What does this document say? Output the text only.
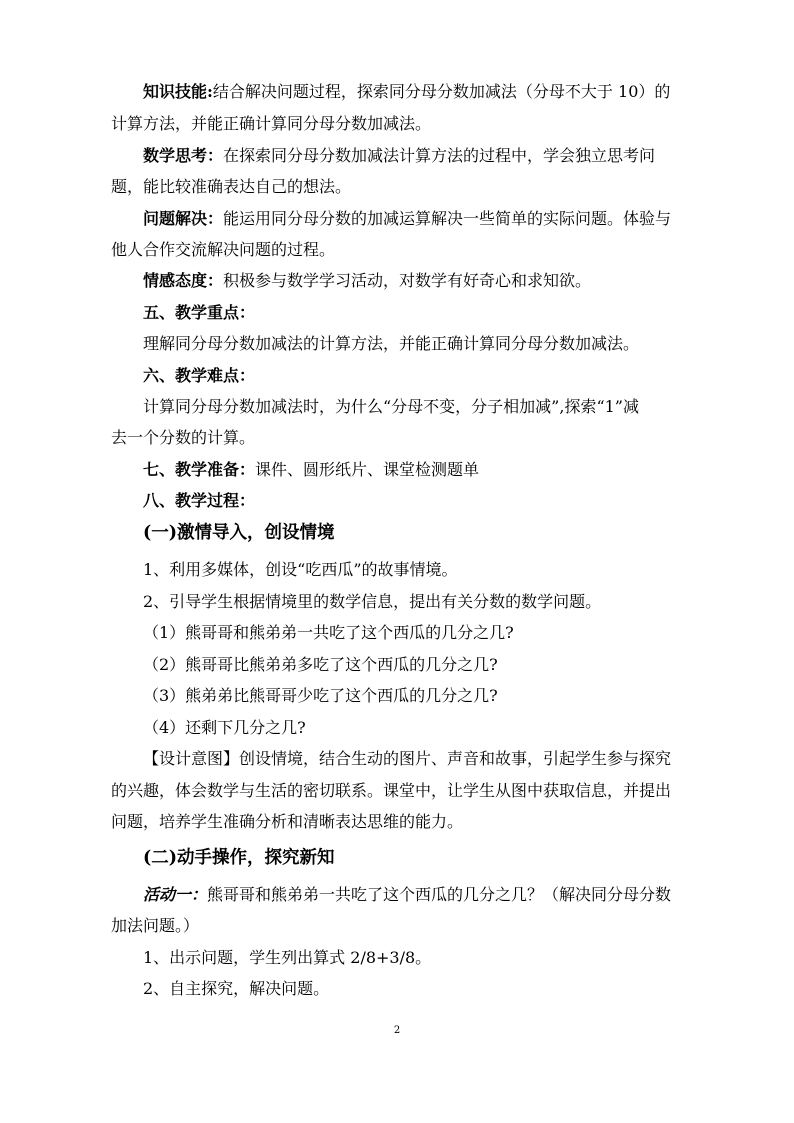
知识技能:结合解决问题过程，探索同分母分数加减法（分母不大于 10）的
计算方法，并能正确计算同分母分数加减法。
数学思考：在探索同分母分数加减法计算方法的过程中，学会独立思考问
题，能比较准确表达自己的想法。
问题解决：能运用同分母分数的加减运算解决一些简单的实际问题。体验与
他人合作交流解决问题的过程。
情感态度：积极参与数学学习活动，对数学有好奇心和求知欲。
五、教学重点：
理解同分母分数加减法的计算方法，并能正确计算同分母分数加减法。
六、教学难点：
计算同分母分数加减法时，为什么“分母不变，分子相加减”,探索“1”减
去一个分数的计算。
七、教学准备：课件、圆形纸片、课堂检测题单
八、教学过程：
(一)激情导入，创设情境
1、利用多媒体，创设“吃西瓜”的故事情境。
2、引导学生根据情境里的数学信息，提出有关分数的数学问题。
（1）熊哥哥和熊弟弟一共吃了这个西瓜的几分之几?
（2）熊哥哥比熊弟弟多吃了这个西瓜的几分之几?
（3）熊弟弟比熊哥哥少吃了这个西瓜的几分之几?
（4）还剩下几分之几?
【设计意图】创设情境，结合生动的图片、声音和故事，引起学生参与探究
的兴趣，体会数学与生活的密切联系。课堂中，让学生从图中获取信息，并提出
问题，培养学生准确分析和清晰表达思维的能力。
(二)动手操作，探究新知
活动一：熊哥哥和熊弟弟一共吃了这个西瓜的几分之几？（解决同分母分数
加法问题。）
1、出示问题，学生列出算式 2/8+3/8。
2、自主探究，解决问题。
2
